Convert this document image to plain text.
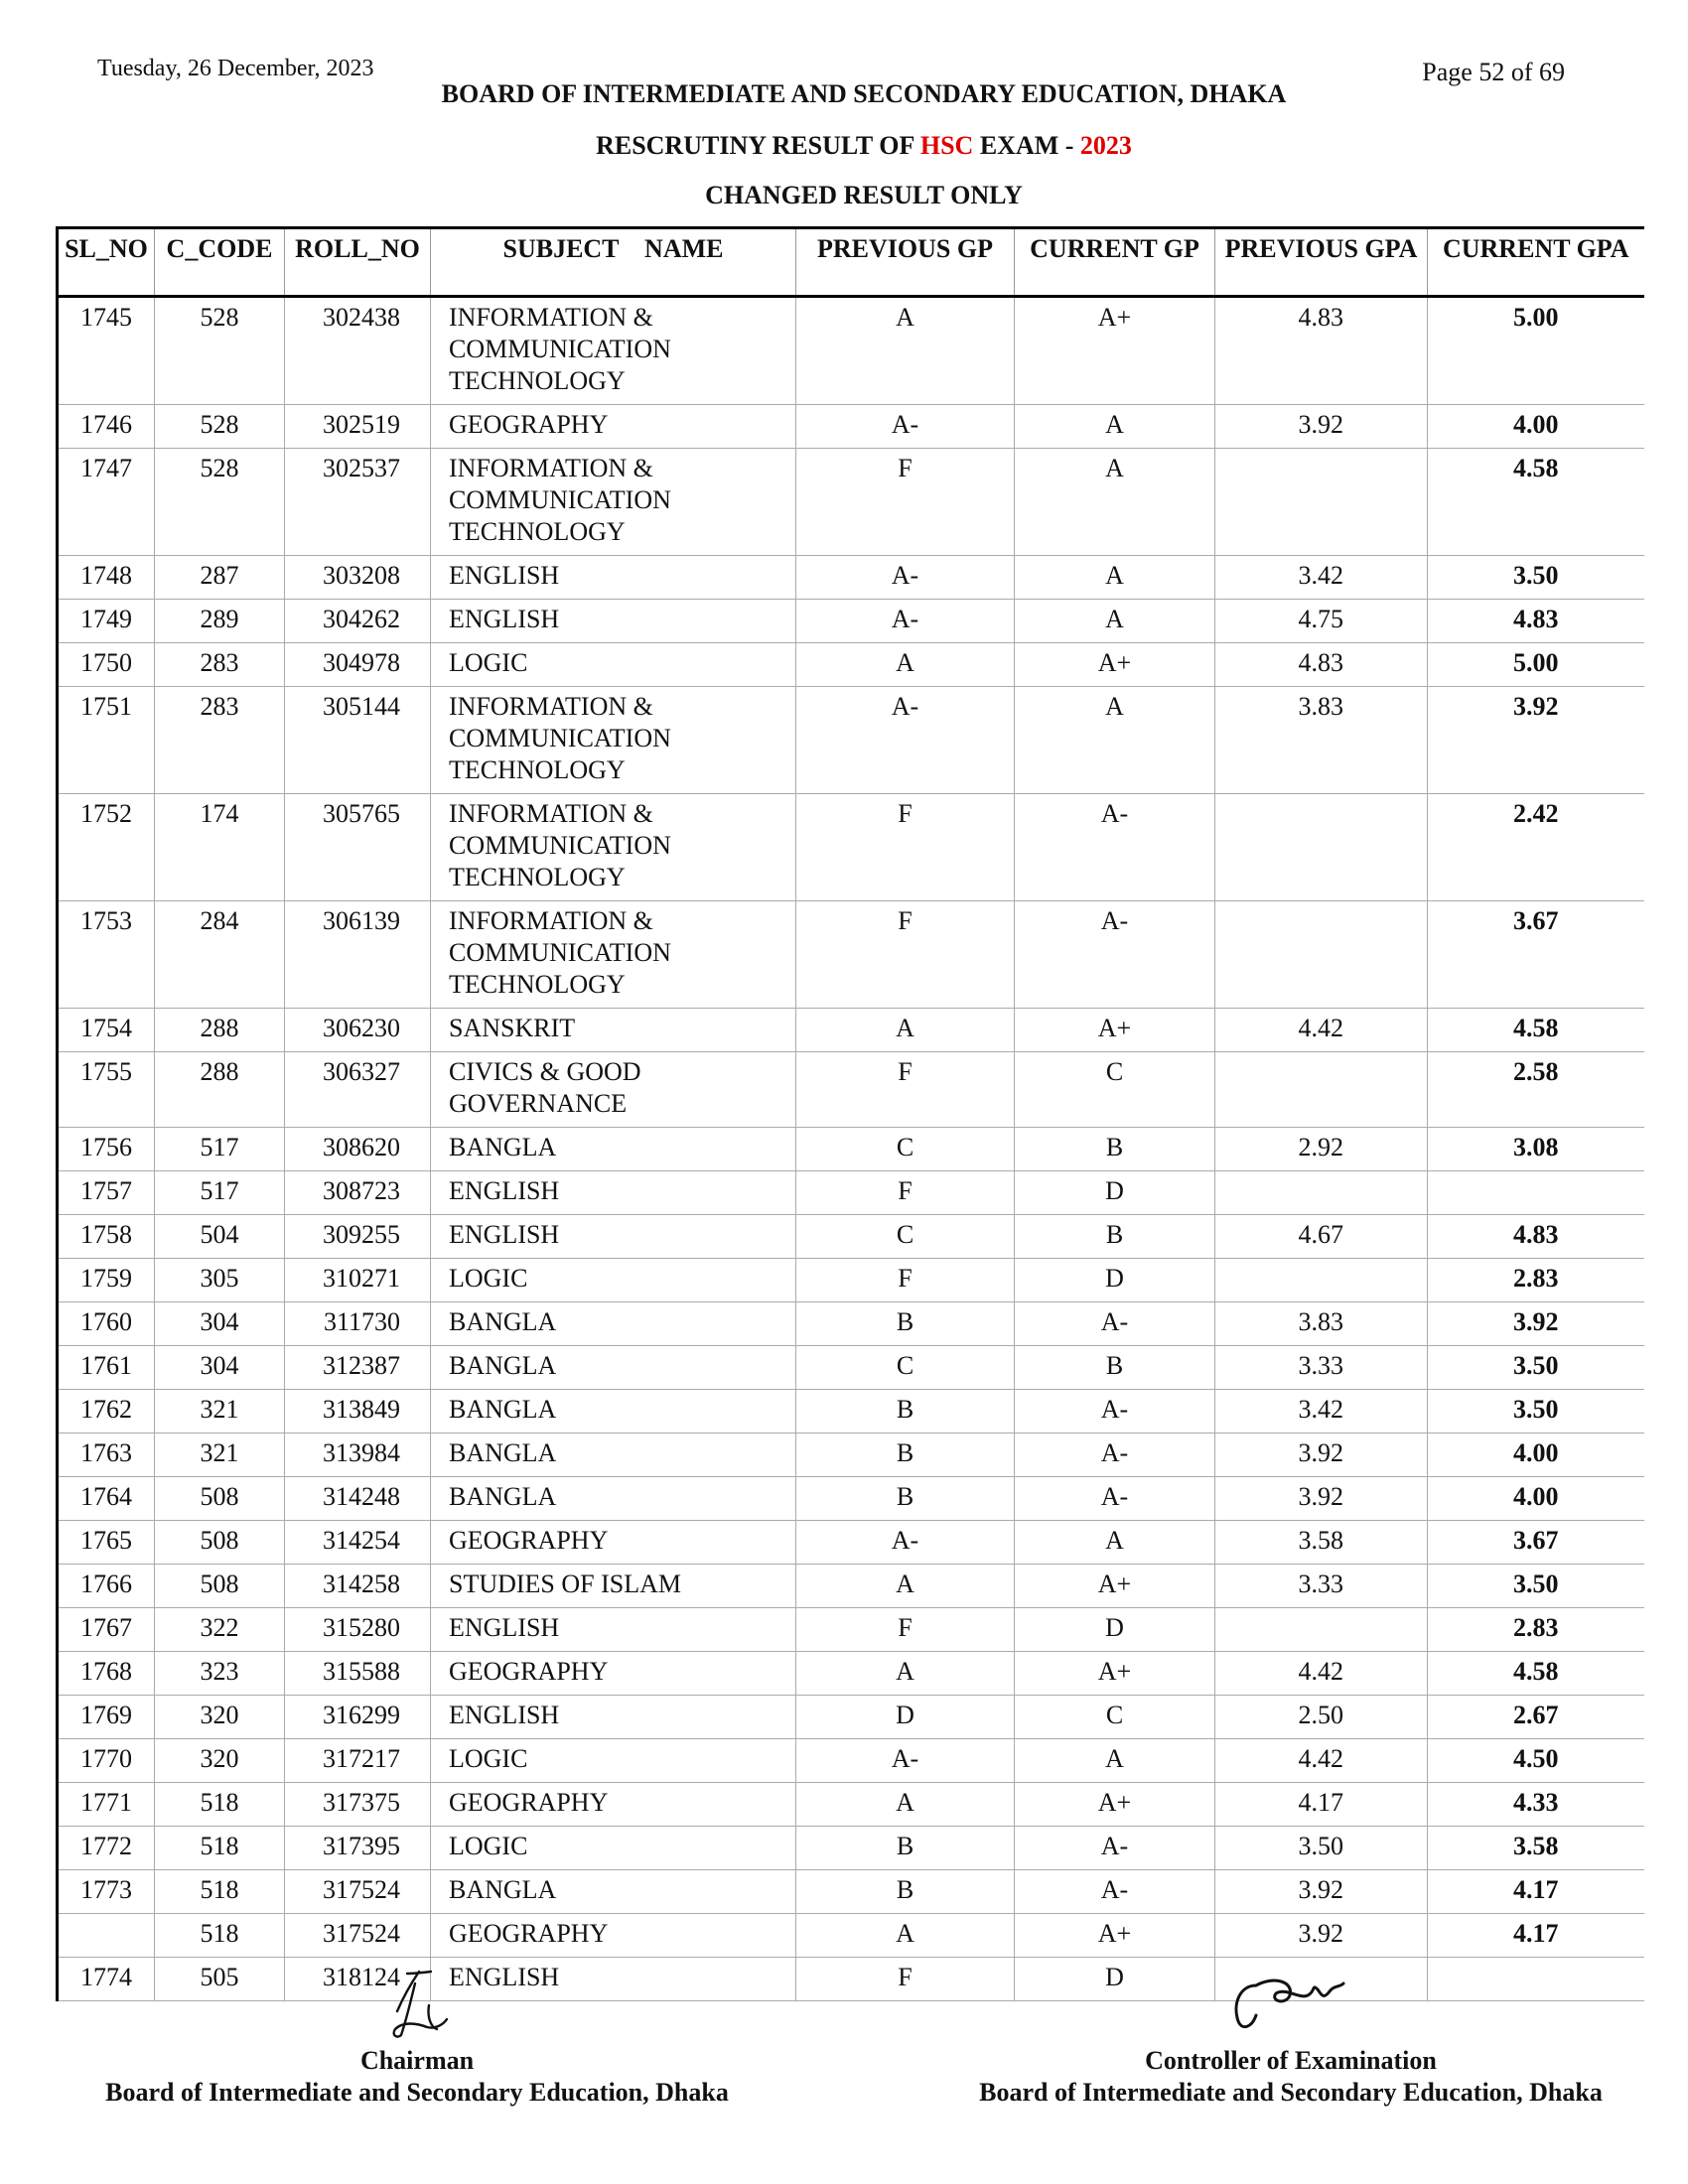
Tuesday, 26 December, 2023	Page 52 of 69
BOARD OF INTERMEDIATE AND SECONDARY EDUCATION, DHAKA
RESCRUTINY RESULT OF HSC EXAM - 2023
CHANGED RESULT ONLY
SL_NO	C_CODE	ROLL_NO	SUBJECT    NAME	PREVIOUS GP	CURRENT GP	PREVIOUS GPA	CURRENT GPA
1745	528	302438	INFORMATION & COMMUNICATION TECHNOLOGY	A	A+	4.83	5.00
1746	528	302519	GEOGRAPHY	A-	A	3.92	4.00
1747	528	302537	INFORMATION & COMMUNICATION TECHNOLOGY	F	A		4.58
1748	287	303208	ENGLISH	A-	A	3.42	3.50
1749	289	304262	ENGLISH	A-	A	4.75	4.83
1750	283	304978	LOGIC	A	A+	4.83	5.00
1751	283	305144	INFORMATION & COMMUNICATION TECHNOLOGY	A-	A	3.83	3.92
1752	174	305765	INFORMATION & COMMUNICATION TECHNOLOGY	F	A-		2.42
1753	284	306139	INFORMATION & COMMUNICATION TECHNOLOGY	F	A-		3.67
1754	288	306230	SANSKRIT	A	A+	4.42	4.58
1755	288	306327	CIVICS & GOOD GOVERNANCE	F	C		2.58
1756	517	308620	BANGLA	C	B	2.92	3.08
1757	517	308723	ENGLISH	F	D		
1758	504	309255	ENGLISH	C	B	4.67	4.83
1759	305	310271	LOGIC	F	D		2.83
1760	304	311730	BANGLA	B	A-	3.83	3.92
1761	304	312387	BANGLA	C	B	3.33	3.50
1762	321	313849	BANGLA	B	A-	3.42	3.50
1763	321	313984	BANGLA	B	A-	3.92	4.00
1764	508	314248	BANGLA	B	A-	3.92	4.00
1765	508	314254	GEOGRAPHY	A-	A	3.58	3.67
1766	508	314258	STUDIES OF ISLAM	A	A+	3.33	3.50
1767	322	315280	ENGLISH	F	D		2.83
1768	323	315588	GEOGRAPHY	A	A+	4.42	4.58
1769	320	316299	ENGLISH	D	C	2.50	2.67
1770	320	317217	LOGIC	A-	A	4.42	4.50
1771	518	317375	GEOGRAPHY	A	A+	4.17	4.33
1772	518	317395	LOGIC	B	A-	3.50	3.58
1773	518	317524	BANGLA	B	A-	3.92	4.17
	518	317524	GEOGRAPHY	A	A+	3.92	4.17
1774	505	318124	ENGLISH	F	D		
Chairman
Board of Intermediate and Secondary Education, Dhaka
Controller of Examination
Board of Intermediate and Secondary Education, Dhaka
